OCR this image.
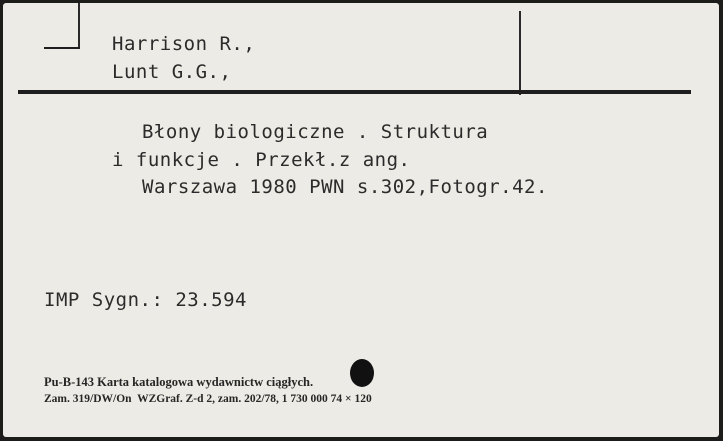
Harrison R.,
Lunt G.G.,
Błony biologiczne . Struktura
i funkcje . Przekł.z ang.
Warszawa 1980 PWN s.302,Fotogr.42.
IMP Sygn.: 23.594
Pu-B-143 Karta katalogowa wydawnictw ciągłych.
Zam. 319/DW/On  WZGraf. Z-d 2, zam. 202/78, 1 730 000 74 × 120
